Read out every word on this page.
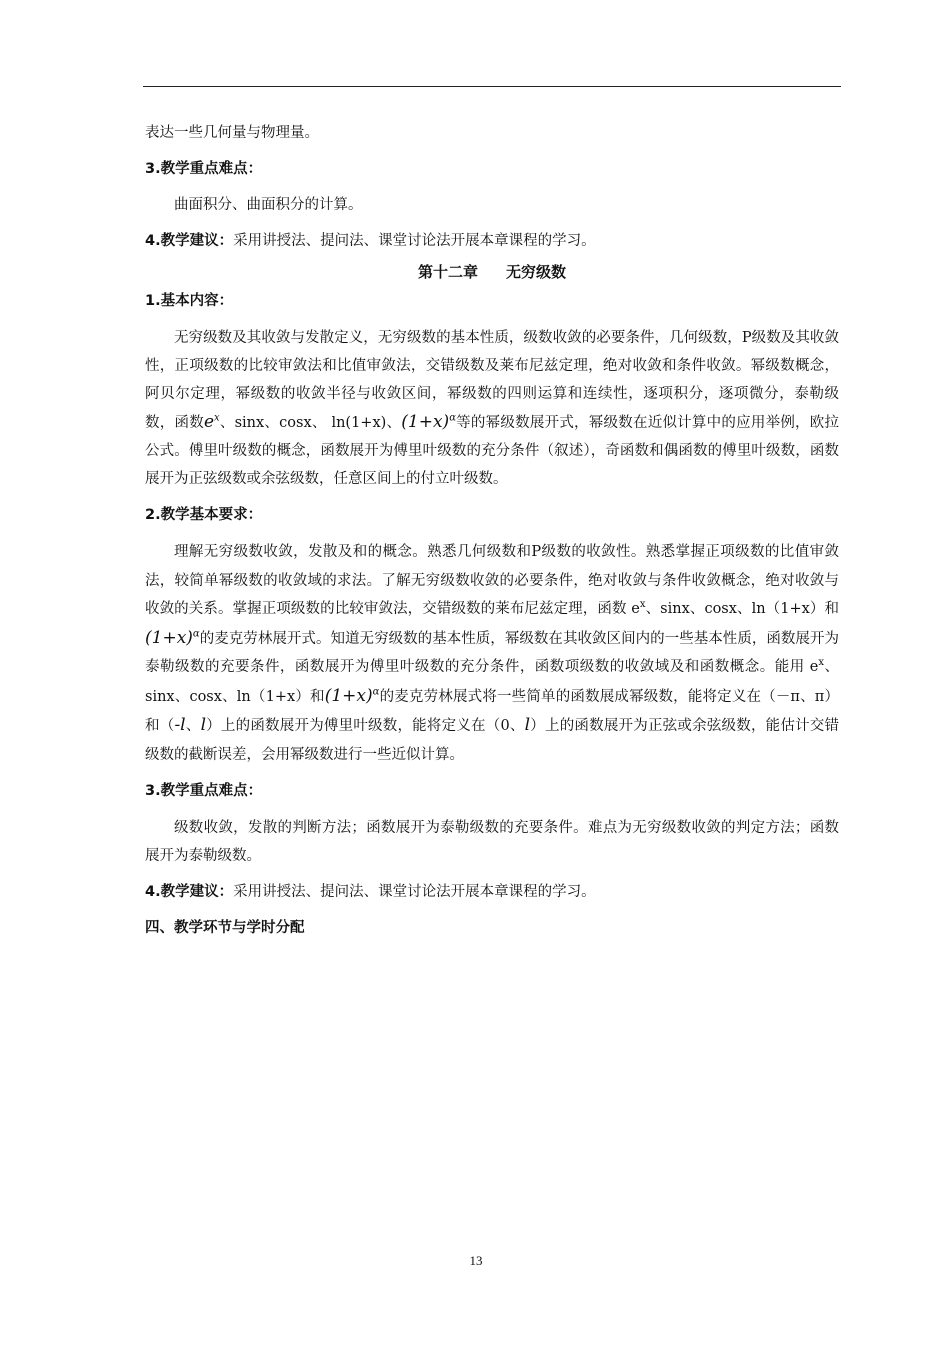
表达一些几何量与物理量。

3.教学重点难点：

曲面积分、曲面积分的计算。

4.教学建议：采用讲授法、提问法、课堂讨论法开展本章课程的学习。

第十二章 无穷级数

1.基本内容：

无穷级数及其收敛与发散定义，无穷级数的基本性质，级数收敛的必要条件，几何级数，P级数及其收敛性，正项级数的比较审敛法和比值审敛法，交错级数及莱布尼兹定理，绝对收敛和条件收敛。幂级数概念，阿贝尔定理，幂级数的收敛半径与收敛区间，幂级数的四则运算和连续性，逐项积分，逐项微分，泰勒级数，函数$e^x$、sinx、cosx、 ln(1+x)、$(1+x)^\alpha$等的幂级数展开式，幂级数在近似计算中的应用举例，欧拉公式。傅里叶级数的概念，函数展开为傅里叶级数的充分条件（叙述），奇函数和偶函数的傅里叶级数，函数展开为正弦级数或余弦级数，任意区间上的付立叶级数。

2.教学基本要求：

理解无穷级数收敛，发散及和的概念。熟悉几何级数和P级数的收敛性。熟悉掌握正项级数的比值审敛法，较简单幂级数的收敛域的求法。了解无穷级数收敛的必要条件，绝对收敛与条件收敛概念，绝对收敛与收敛的关系。掌握正项级数的比较审敛法，交错级数的莱布尼兹定理，函数 $e^x$、sinx、cosx、ln（1+x）和$(1+x)^\alpha$的麦克劳林展开式。知道无穷级数的基本性质，幂级数在其收敛区间内的一些基本性质，函数展开为泰勒级数的充要条件，函数展开为傅里叶级数的充分条件，函数项级数的收敛域及和函数概念。能用 $e^x$、sinx、cosx、ln（1+x）和$(1+x)^\alpha$的麦克劳林展式将一些简单的函数展成幂级数，能将定义在（－π、π）和（-l、l）上的函数展开为傅里叶级数，能将定义在（0、l）上的函数展开为正弦或余弦级数，能估计交错级数的截断误差，会用幂级数进行一些近似计算。

3.教学重点难点：

级数收敛，发散的判断方法；函数展开为泰勒级数的充要条件。难点为无穷级数收敛的判定方法；函数展开为泰勒级数。

4.教学建议：采用讲授法、提问法、课堂讨论法开展本章课程的学习。

四、教学环节与学时分配

13
